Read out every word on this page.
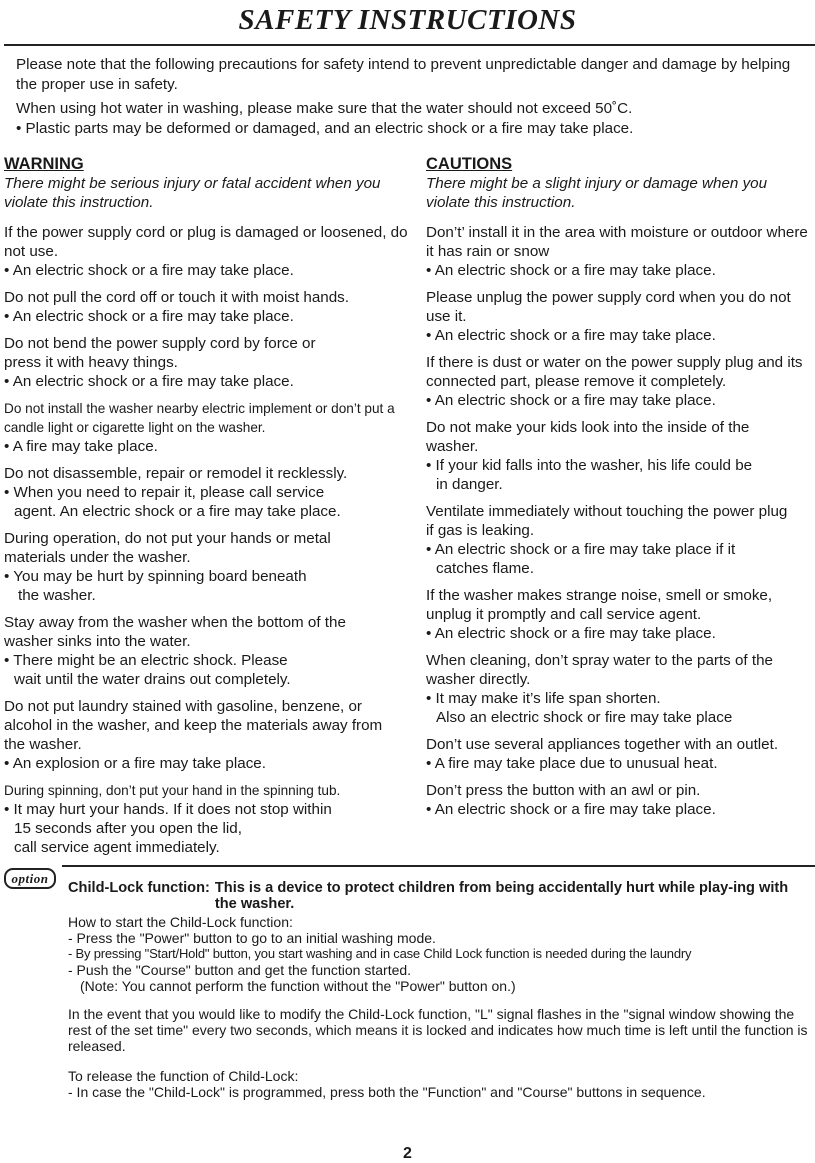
SAFETY INSTRUCTIONS

Please note that the following precautions for safety intend to prevent unpredictable danger and damage by helping the proper use in safety.

When using hot water in washing, please make sure that the water should not exceed 50˚C.
• Plastic parts may be deformed or damaged, and an electric shock or a fire may take place.

WARNING
There might be serious injury or fatal accident when you violate this instruction.
If the power supply cord or plug is damaged or loosened, do not use.
• An electric shock or a fire may take place.
Do not pull the cord off or touch it with moist hands.
• An electric shock or a fire may take place.
Do not bend the power supply cord by force or press it with heavy things.
• An electric shock or a fire may take place.
Do not install the washer nearby electric implement or don’t put a candle light or cigarette light on the washer.
• A fire may take place.
Do not disassemble, repair or remodel it recklessly.
• When you need to repair it, please call service
agent. An electric shock or a fire may take place.
During operation, do not put your hands or metal materials under the washer.
• You may be hurt by spinning board beneath
the washer.
Stay away from the washer when the bottom of the washer sinks into the water.
• There might be an electric shock. Please
wait until the water drains out completely.
Do not put laundry stained with gasoline, benzene, or alcohol in the washer, and keep the materials away from the washer.
• An explosion or a fire may take place.
During spinning, don’t put your hand in the spinning tub.
• It may hurt your hands. If it does not stop within
15 seconds after you open the lid, call service agent immediately.
CAUTIONS
There might be a slight injury or damage when you violate this instruction.
Don’t’ install it in the area with moisture or outdoor where it has rain or snow
• An electric shock or a fire may take place.
Please unplug the power supply cord when you do not use it.
• An electric shock or a fire may take place.
If there is dust or water on the power supply plug and its connected part, please remove it completely.
• An electric shock or a fire may take place.
Do not make your kids look into the inside of the washer.
• If your kid falls into the washer, his life could be
in danger.
Ventilate immediately without touching the power plug if gas is leaking.
• An electric shock or a fire may take place if it
catches flame.
If the washer makes strange noise, smell or smoke, unplug it promptly and call service agent.
• An electric shock or a fire may take place.
When cleaning, don’t spray water to the parts of the washer directly.
• It may make it’s life span shorten.
Also an electric shock or fire may take place
Don’t use several appliances together with an outlet.
• A fire may take place due to unusual heat.
Don’t press the button with an awl or pin.
• An electric shock or a fire may take place.
option
Child-Lock function: This is a device to protect children from being accidentally hurt while play-ing with the washer.

How to start the Child-Lock function:

- Press the "Power" button to go to an initial washing mode.

- By pressing "Start/Hold" button, you start washing and in case Child Lock function is needed during the laundry

- Push the "Course" button and get the function started.

(Note: You cannot perform the function without the "Power" button on.)

In the event that you would like to modify the Child-Lock function, "L" signal flashes in the "signal window showing the rest of the set time" every two seconds, which means it is locked and indicates how much time is left until the function is released.

To release the function of Child-Lock:

- In case the "Child-Lock" is programmed, press both the "Function" and "Course" buttons in sequence.

2
